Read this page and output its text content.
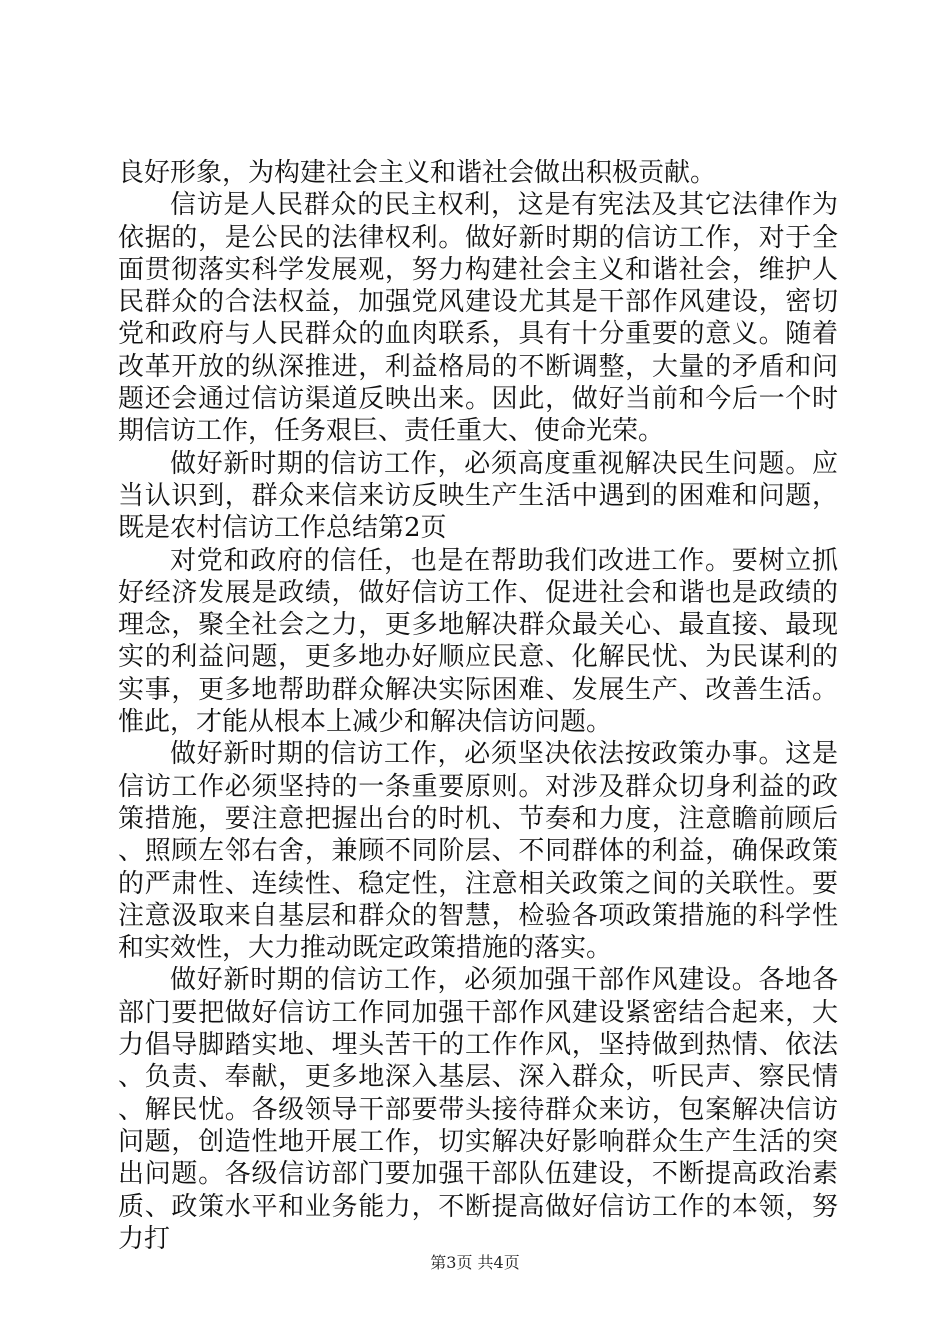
良好形象，为构建社会主义和谐社会做出积极贡献。

信访是人民群众的民主权利，这是有宪法及其它法律作为依据的，是公民的法律权利。做好新时期的信访工作，对于全面贯彻落实科学发展观，努力构建社会主义和谐社会，维护人民群众的合法权益，加强党风建设尤其是干部作风建设，密切党和政府与人民群众的血肉联系，具有十分重要的意义。随着改革开放的纵深推进，利益格局的不断调整，大量的矛盾和问题还会通过信访渠道反映出来。因此，做好当前和今后一个时期信访工作，任务艰巨、责任重大、使命光荣。

做好新时期的信访工作，必须高度重视解决民生问题。应当认识到，群众来信来访反映生产生活中遇到的困难和问题，既是农村信访工作总结第2页

对党和政府的信任，也是在帮助我们改进工作。要树立抓好经济发展是政绩，做好信访工作、促进社会和谐也是政绩的理念，聚全社会之力，更多地解决群众最关心、最直接、最现实的利益问题，更多地办好顺应民意、化解民忧、为民谋利的实事，更多地帮助群众解决实际困难、发展生产、改善生活。惟此，才能从根本上减少和解决信访问题。

做好新时期的信访工作，必须坚决依法按政策办事。这是信访工作必须坚持的一条重要原则。对涉及群众切身利益的政策措施，要注意把握出台的时机、节奏和力度，注意瞻前顾后、照顾左邻右舍，兼顾不同阶层、不同群体的利益，确保政策的严肃性、连续性、稳定性，注意相关政策之间的关联性。要注意汲取来自基层和群众的智慧，检验各项政策措施的科学性和实效性，大力推动既定政策措施的落实。

做好新时期的信访工作，必须加强干部作风建设。各地各部门要把做好信访工作同加强干部作风建设紧密结合起来，大力倡导脚踏实地、埋头苦干的工作作风，坚持做到热情、依法、负责、奉献，更多地深入基层、深入群众，听民声、察民情、解民忧。各级领导干部要带头接待群众来访，包案解决信访问题，创造性地开展工作，切实解决好影响群众生产生活的突出问题。各级信访部门要加强干部队伍建设，不断提高政治素质、政策水平和业务能力，不断提高做好信访工作的本领，努力打

第3页 共4页
